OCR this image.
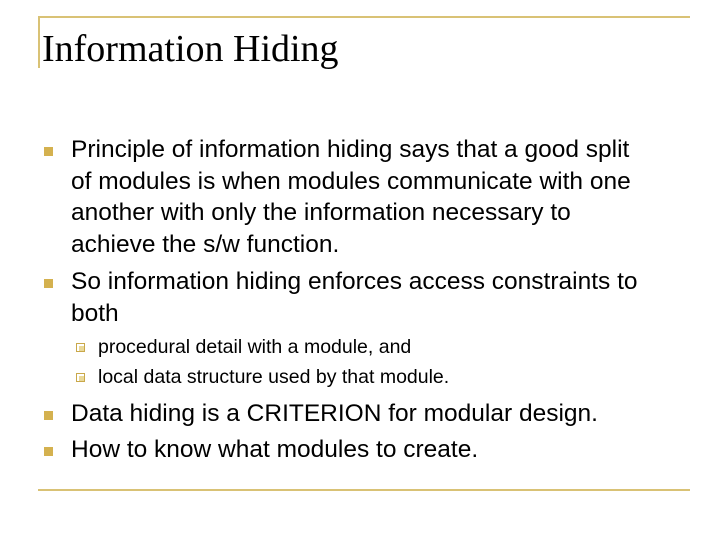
Information Hiding
Principle of information hiding says that a good split
of modules is when modules communicate with one
another with only the information necessary to
achieve the s/w function.
So information hiding enforces access constraints to
both
procedural detail with a module, and
local data structure used by that module.
Data hiding is a CRITERION for modular design.
How to know what modules to create.
